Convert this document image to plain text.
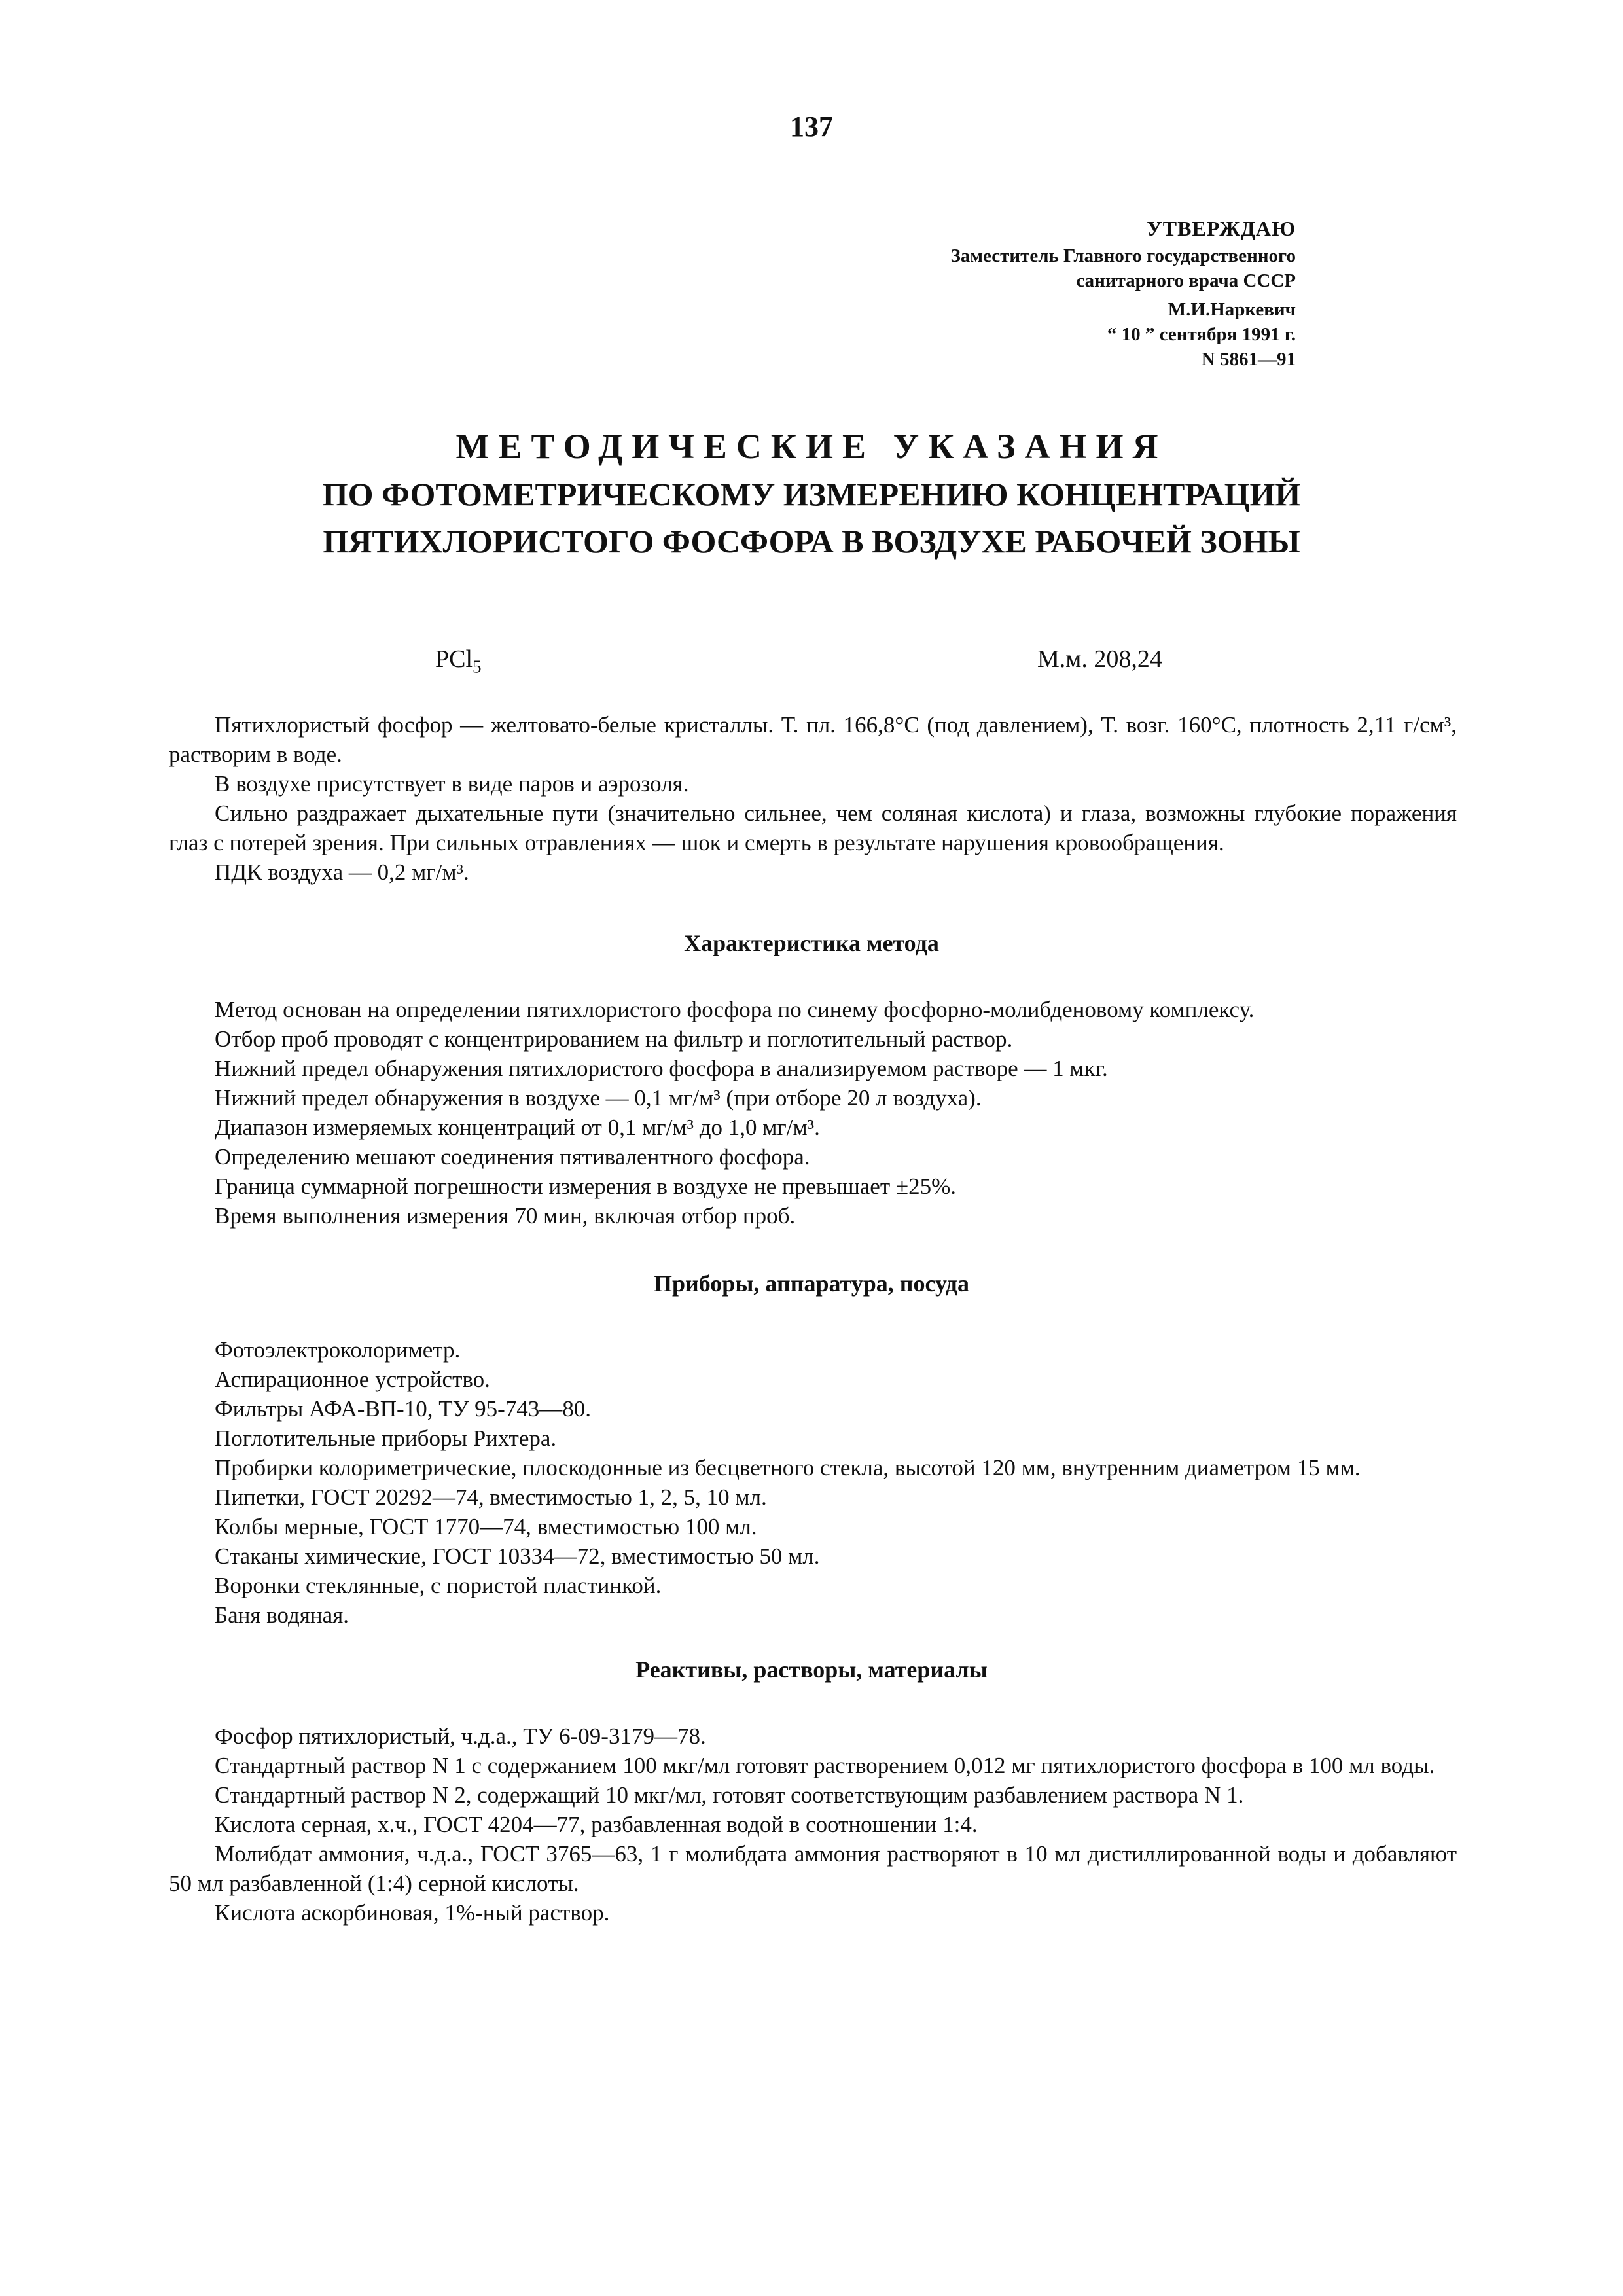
137
УТВЕРЖДАЮ
Заместитель Главного государственного
санитарного врача СССР
М.И.Наркевич
“ 10 ” сентября 1991 г.
N 5861—91
МЕТОДИЧЕСКИЕ УКАЗАНИЯ
ПО ФОТОМЕТРИЧЕСКОМУ ИЗМЕРЕНИЮ КОНЦЕНТРАЦИЙ
ПЯТИХЛОРИСТОГО ФОСФОРА В ВОЗДУХЕ РАБОЧЕЙ ЗОНЫ
PCl$_5$	М.м. 208,24

Пятихлористый фосфор — желтовато-белые кристаллы. Т. пл. 166,8°С (под давлением), Т. возг. 160°С, плотность 2,11 г/см³, растворим в воде.

В воздухе присутствует в виде паров и аэрозоля.

Сильно раздражает дыхательные пути (значительно сильнее, чем соляная кислота) и глаза, возможны глубокие поражения глаз с потерей зрения. При сильных отравлениях — шок и смерть в результате нарушения кровообращения.

ПДК воздуха — 0,2 мг/м³.

Характеристика метода

Метод основан на определении пятихлористого фосфора по синему фосфорно-молибденовому комплексу.

Отбор проб проводят с концентрированием на фильтр и поглотительный раствор.

Нижний предел обнаружения пятихлористого фосфора в анализируемом растворе — 1 мкг.

Нижний предел обнаружения в воздухе — 0,1 мг/м³ (при отборе 20 л воздуха).

Диапазон измеряемых концентраций от 0,1 мг/м³ до 1,0 мг/м³.

Определению мешают соединения пятивалентного фосфора.

Граница суммарной погрешности измерения в воздухе не превышает ±25%.

Время выполнения измерения 70 мин, включая отбор проб.

Приборы, аппаратура, посуда

Фотоэлектроколориметр.

Аспирационное устройство.

Фильтры АФА-ВП-10, ТУ 95-743—80.

Поглотительные приборы Рихтера.

Пробирки колориметрические, плоскодонные из бесцветного стекла, высотой 120 мм, внутренним диаметром 15 мм.

Пипетки, ГОСТ 20292—74, вместимостью 1, 2, 5, 10 мл.

Колбы мерные, ГОСТ 1770—74, вместимостью 100 мл.

Стаканы химические, ГОСТ 10334—72, вместимостью 50 мл.

Воронки стеклянные, с пористой пластинкой.

Баня водяная.

Реактивы, растворы, материалы

Фосфор пятихлористый, ч.д.а., ТУ 6-09-3179—78.

Стандартный раствор N 1 с содержанием 100 мкг/мл готовят растворением 0,012 мг пятихлористого фосфора в 100 мл воды.

Стандартный раствор N 2, содержащий 10 мкг/мл, готовят соответствующим разбавлением раствора N 1.

Кислота серная, х.ч., ГОСТ 4204—77, разбавленная водой в соотношении 1:4.

Молибдат аммония, ч.д.а., ГОСТ 3765—63, 1 г молибдата аммония растворяют в 10 мл дистиллированной воды и добавляют 50 мл разбавленной (1:4) серной кислоты.

Кислота аскорбиновая, 1%-ный раствор.
